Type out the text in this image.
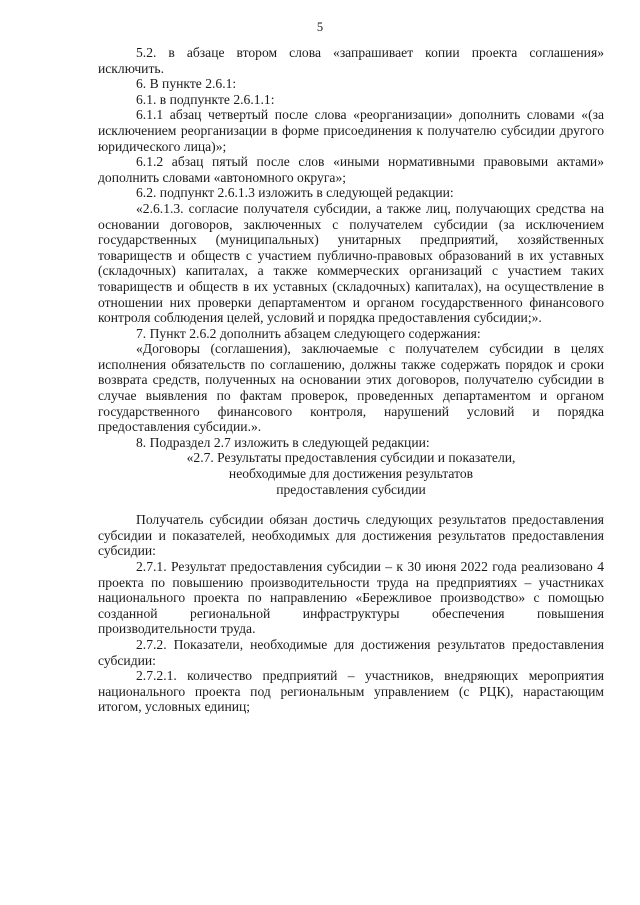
5

5.2. в абзаце втором слова «запрашивает копии проекта соглашения» исключить.

6. В пункте 2.6.1:

6.1. в подпункте 2.6.1.1:

6.1.1 абзац четвертый после слова «реорганизации» дополнить словами «(за исключением реорганизации в форме присоединения к получателю субсидии другого юридического лица)»;

6.1.2 абзац пятый после слов «иными нормативными правовыми актами» дополнить словами «автономного округа»;

6.2. подпункт 2.6.1.3 изложить в следующей редакции:

«2.6.1.3. согласие получателя субсидии, а также лиц, получающих средства на основании договоров, заключенных с получателем субсидии (за исключением государственных (муниципальных) унитарных предприятий, хозяйственных товариществ и обществ с участием публично-правовых образований в их уставных (складочных) капиталах, а также коммерческих организаций с участием таких товариществ и обществ в их уставных (складочных) капиталах), на осуществление в отношении них проверки департаментом и органом государственного финансового контроля соблюдения целей, условий и порядка предоставления субсидии;».

7. Пункт 2.6.2 дополнить абзацем следующего содержания:

«Договоры (соглашения), заключаемые с получателем субсидии в целях исполнения обязательств по соглашению, должны также содержать порядок и сроки возврата средств, полученных на основании этих договоров, получателю субсидии в случае выявления по фактам проверок, проведенных департаментом и органом государственного финансового контроля, нарушений условий и порядка предоставления субсидии.».

8. Подраздел 2.7 изложить в следующей редакции:

«2.7. Результаты предоставления субсидии и показатели,

необходимые для достижения результатов

предоставления субсидии

Получатель субсидии обязан достичь следующих результатов предоставления субсидии и показателей, необходимых для достижения результатов предоставления субсидии:

2.7.1. Результат предоставления субсидии – к 30 июня 2022 года реализовано 4 проекта по повышению производительности труда на предприятиях – участниках национального проекта по направлению «Бережливое производство» с помощью созданной региональной инфраструктуры обеспечения повышения производительности труда.

2.7.2. Показатели, необходимые для достижения результатов предоставления субсидии:

2.7.2.1. количество предприятий – участников, внедряющих мероприятия национального проекта под региональным управлением (с РЦК), нарастающим итогом, условных единиц;
